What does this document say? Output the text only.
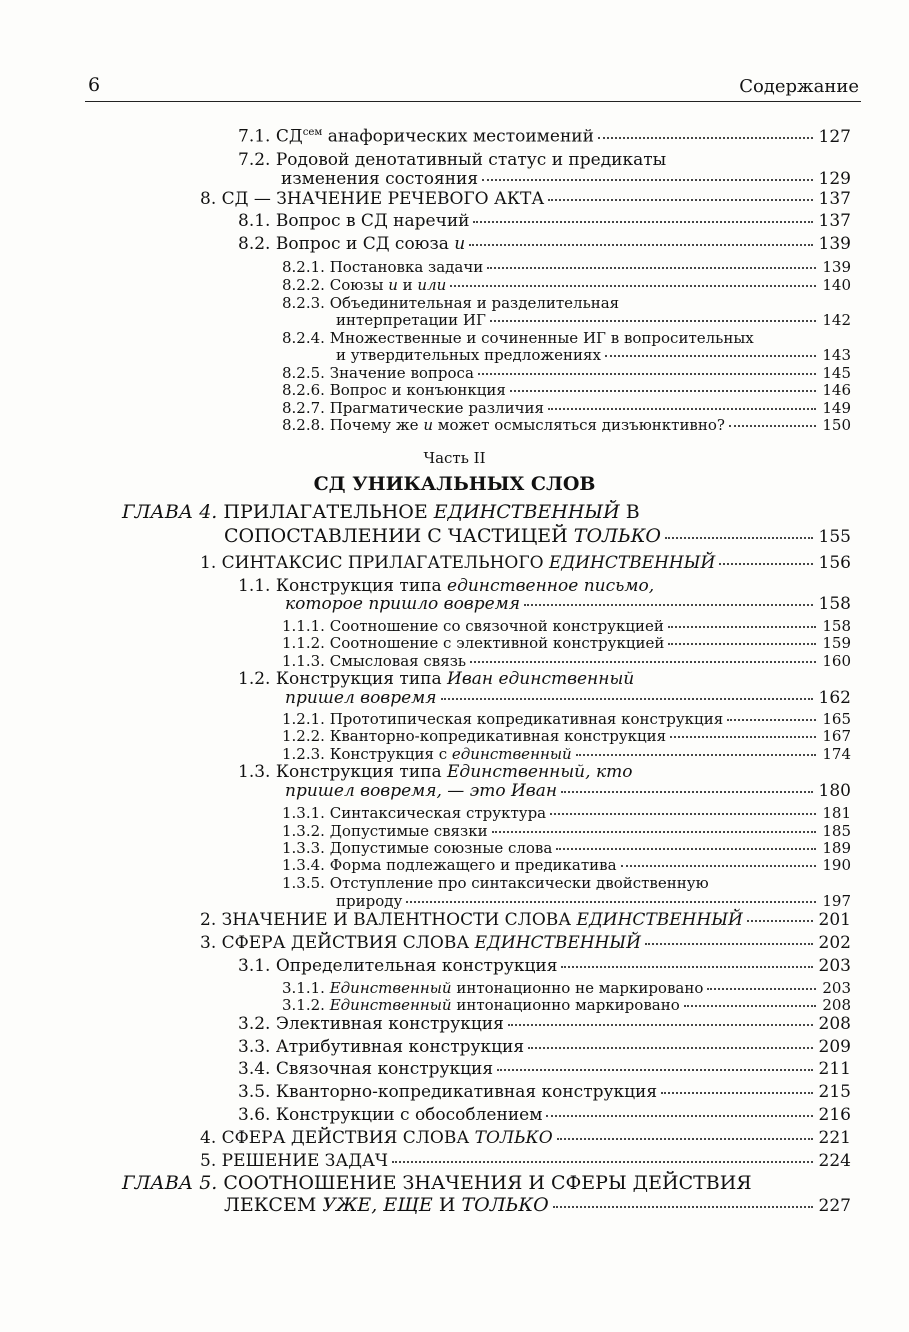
6	Содержание
7.1. $СД^{сем}$ анафорических местоимений	127
7.2. Родовой денотативный статус и предикаты
изменения состояния	129
8. СД — ЗНАЧЕНИЕ РЕЧЕВОГО АКТА	137
8.1. Вопрос в СД наречий	137
8.2. Вопрос и СД союза и	139
8.2.1. Постановка задачи	139
8.2.2. Союзы и и или	140
8.2.3. Объединительная и разделительная
интерпретации ИГ	142
8.2.4. Множественные и сочиненные ИГ в вопросительных
и утвердительных предложениях	143
8.2.5. Значение вопроса	145
8.2.6. Вопрос и конъюнкция	146
8.2.7. Прагматические различия	149
8.2.8. Почему же и может осмысляться дизъюнктивно?	150
Часть II
СД УНИКАЛЬНЫХ СЛОВ
ГЛАВА 4. ПРИЛАГАТЕЛЬНОЕ ЕДИНСТВЕННЫЙ В
СОПОСТАВЛЕНИИ С ЧАСТИЦЕЙ ТОЛЬКО	155
1. СИНТАКСИС ПРИЛАГАТЕЛЬНОГО ЕДИНСТВЕННЫЙ	156
1.1. Конструкция типа единственное письмо,
которое пришло вовремя	158
1.1.1. Соотношение со связочной конструкцией	158
1.1.2. Соотношение с элективной конструкцией	159
1.1.3. Смысловая связь	160
1.2. Конструкция типа Иван единственный
пришел вовремя	162
1.2.1. Прототипическая копредикативная конструкция	165
1.2.2. Кванторно-копредикативная конструкция	167
1.2.3. Конструкция с единственный	174
1.3. Конструкция типа Единственный, кто
пришел вовремя, — это Иван	180
1.3.1. Синтаксическая структура	181
1.3.2. Допустимые связки	185
1.3.3. Допустимые союзные слова	189
1.3.4. Форма подлежащего и предикатива	190
1.3.5. Отступление про синтаксически двойственную
природу	197
2. ЗНАЧЕНИЕ И ВАЛЕНТНОСТИ СЛОВА ЕДИНСТВЕННЫЙ	201
3. СФЕРА ДЕЙСТВИЯ СЛОВА ЕДИНСТВЕННЫЙ	202
3.1. Определительная конструкция	203
3.1.1. Единственный интонационно не маркировано	203
3.1.2. Единственный интонационно маркировано	208
3.2. Элективная конструкция	208
3.3. Атрибутивная конструкция	209
3.4. Связочная конструкция	211
3.5. Кванторно-копредикативная конструкция	215
3.6. Конструкции с обособлением	216
4. СФЕРА ДЕЙСТВИЯ СЛОВА ТОЛЬКО	221
5. РЕШЕНИЕ ЗАДАЧ	224
ГЛАВА 5. СООТНОШЕНИЕ ЗНАЧЕНИЯ И СФЕРЫ ДЕЙСТВИЯ
ЛЕКСЕМ УЖЕ, ЕЩЕ И ТОЛЬКО	227
